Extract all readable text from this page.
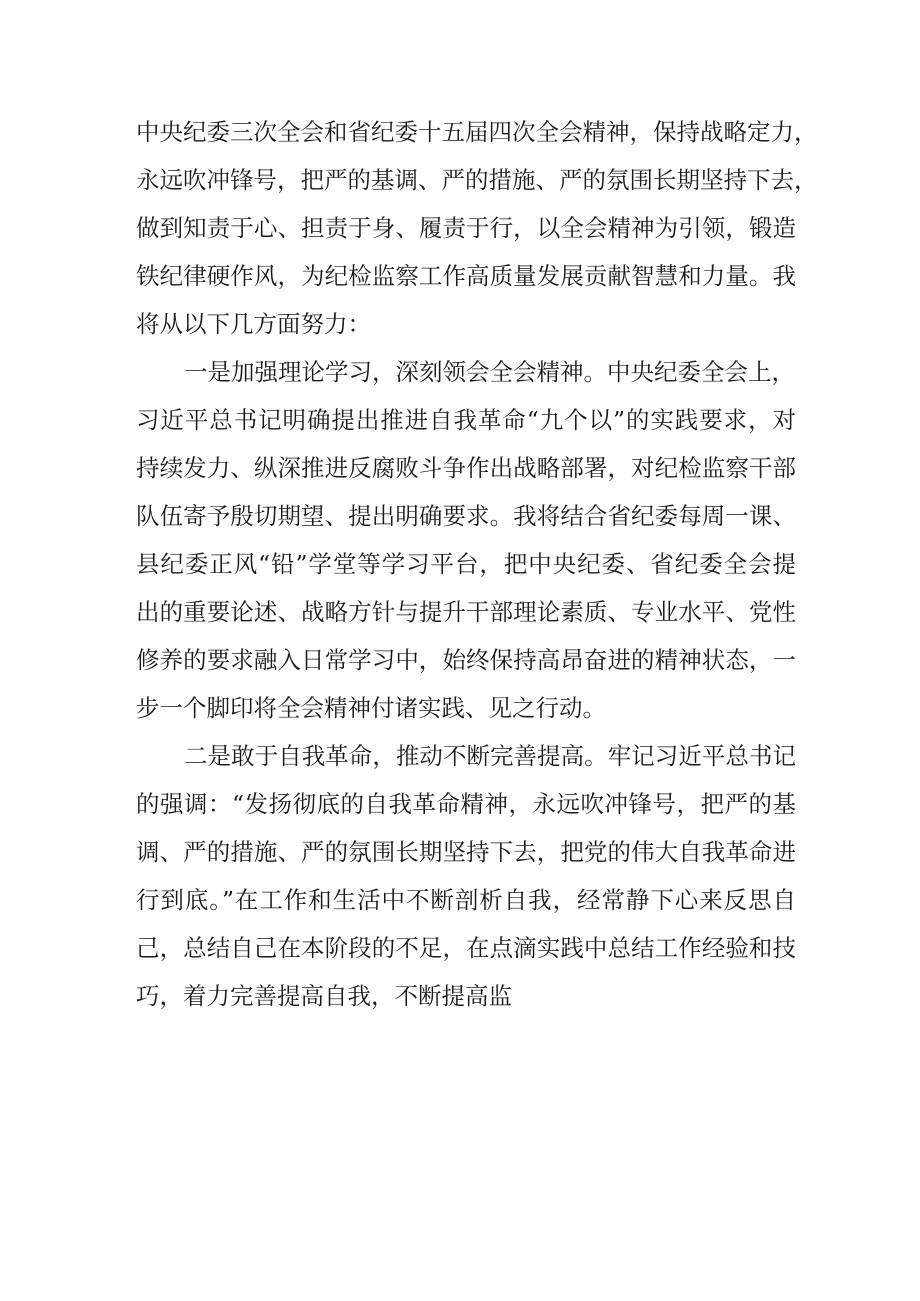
中央纪委三次全会和省纪委十五届四次全会精神，保持战略定力，
永远吹冲锋号，把严的基调、严的措施、严的氛围长期坚持下去，
做到知责于心、担责于身、履责于行，以全会精神为引领，锻造
铁纪律硬作风，为纪检监察工作高质量发展贡献智慧和力量。我
将从以下几方面努力：
一是加强理论学习，深刻领会全会精神。中央纪委全会上，
习近平总书记明确提出推进自我革命“九个以”的实践要求，对
持续发力、纵深推进反腐败斗争作出战略部署，对纪检监察干部
队伍寄予殷切期望、提出明确要求。我将结合省纪委每周一课、
县纪委正风“铅”学堂等学习平台，把中央纪委、省纪委全会提
出的重要论述、战略方针与提升干部理论素质、专业水平、党性
修养的要求融入日常学习中，始终保持高昂奋进的精神状态，一
步一个脚印将全会精神付诸实践、见之行动。
二是敢于自我革命，推动不断完善提高。牢记习近平总书记
的强调：“发扬彻底的自我革命精神，永远吹冲锋号，把严的基
调、严的措施、严的氛围长期坚持下去，把党的伟大自我革命进
行到底。”在工作和生活中不断剖析自我，经常静下心来反思自
己，总结自己在本阶段的不足，在点滴实践中总结工作经验和技
巧，着力完善提高自我，不断提高监
